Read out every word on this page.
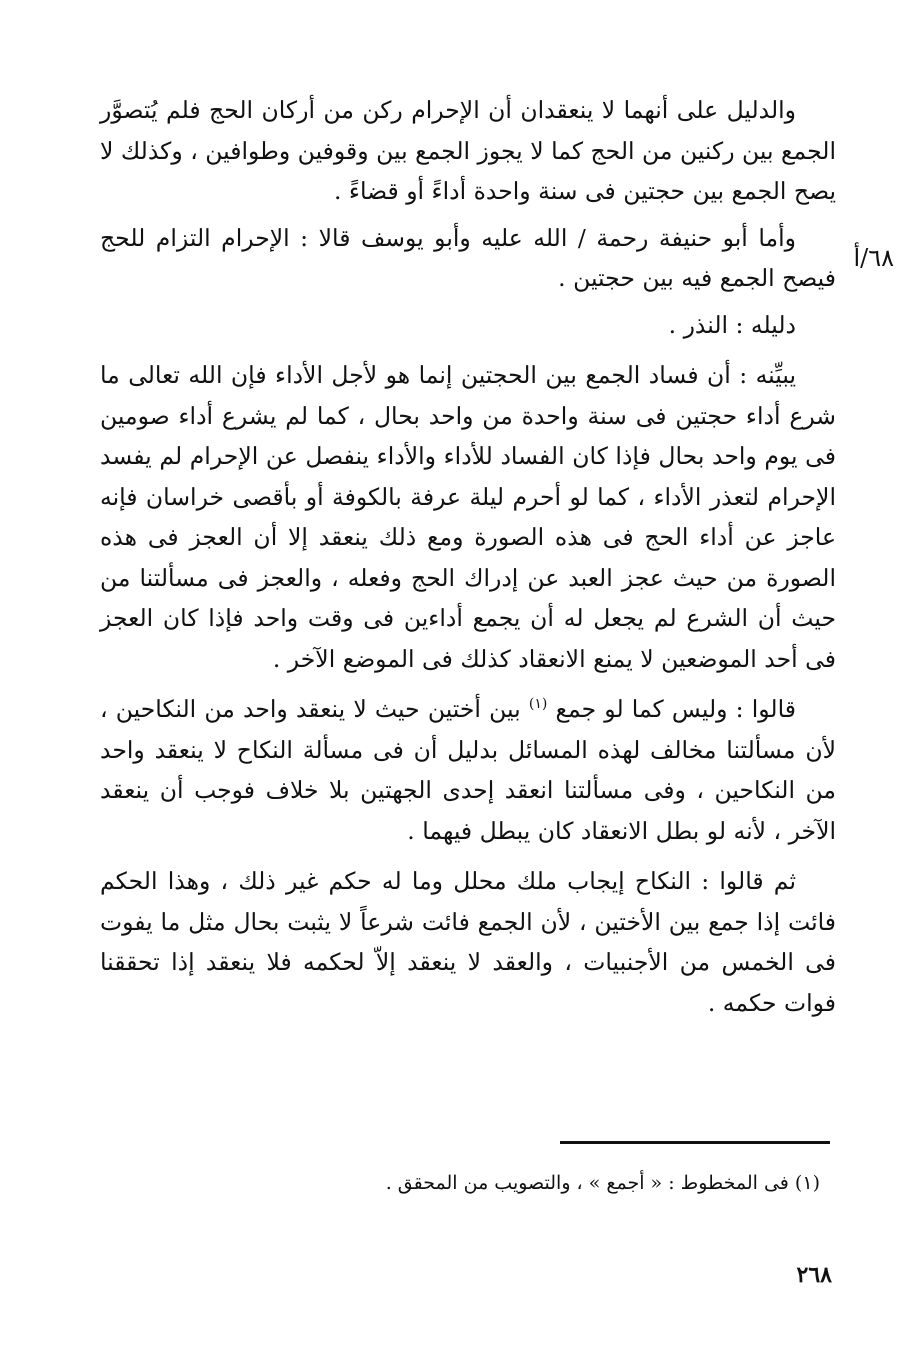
٦٨/أ

والدليل على أنهما لا ينعقدان أن الإحرام ركن من أركان الحج فلم يُتصوَّر الجمع بين ركنين من الحج كما لا يجوز الجمع بين وقوفين وطوافين ، وكذلك لا يصح الجمع بين حجتين فى سنة واحدة أداءً أو قضاءً .

وأما أبو حنيفة رحمة / الله عليه وأبو يوسف قالا : الإحرام التزام للحج فيصح الجمع فيه بين حجتين .

دليله : النذر .

يبيِّنه : أن فساد الجمع بين الحجتين إنما هو لأجل الأداء فإن الله تعالى ما شرع أداء حجتين فى سنة واحدة من واحد بحال ، كما لم يشرع أداء صومين فى يوم واحد بحال فإذا كان الفساد للأداء والأداء ينفصل عن الإحرام لم يفسد الإحرام لتعذر الأداء ، كما لو أحرم ليلة عرفة بالكوفة أو بأقصى خراسان فإنه عاجز عن أداء الحج فى هذه الصورة ومع ذلك ينعقد إلا أن العجز فى هذه الصورة من حيث عجز العبد عن إدراك الحج وفعله ، والعجز فى مسألتنا من حيث أن الشرع لم يجعل له أن يجمع أداءين فى وقت واحد فإذا كان العجز فى أحد الموضعين لا يمنع الانعقاد كذلك فى الموضع الآخر .

قالوا : وليس كما لو جمع $^{(١)}$ بين أختين حيث لا ينعقد واحد من النكاحين ، لأن مسألتنا مخالف لهذه المسائل بدليل أن فى مسألة النكاح لا ينعقد واحد من النكاحين ، وفى مسألتنا انعقد إحدى الجهتين بلا خلاف فوجب أن ينعقد الآخر ، لأنه لو بطل الانعقاد كان يبطل فيهما .

ثم قالوا : النكاح إيجاب ملك محلل وما له حكم غير ذلك ، وهذا الحكم فائت إذا جمع بين الأختين ، لأن الجمع فائت شرعاً لا يثبت بحال مثل ما يفوت فى الخمس من الأجنبيات ، والعقد لا ينعقد إلاّ لحكمه فلا ينعقد إذا تحققنا فوات حكمه .

(١) فى المخطوط : « أجمع » ، والتصويب من المحقق .
٢٦٨
